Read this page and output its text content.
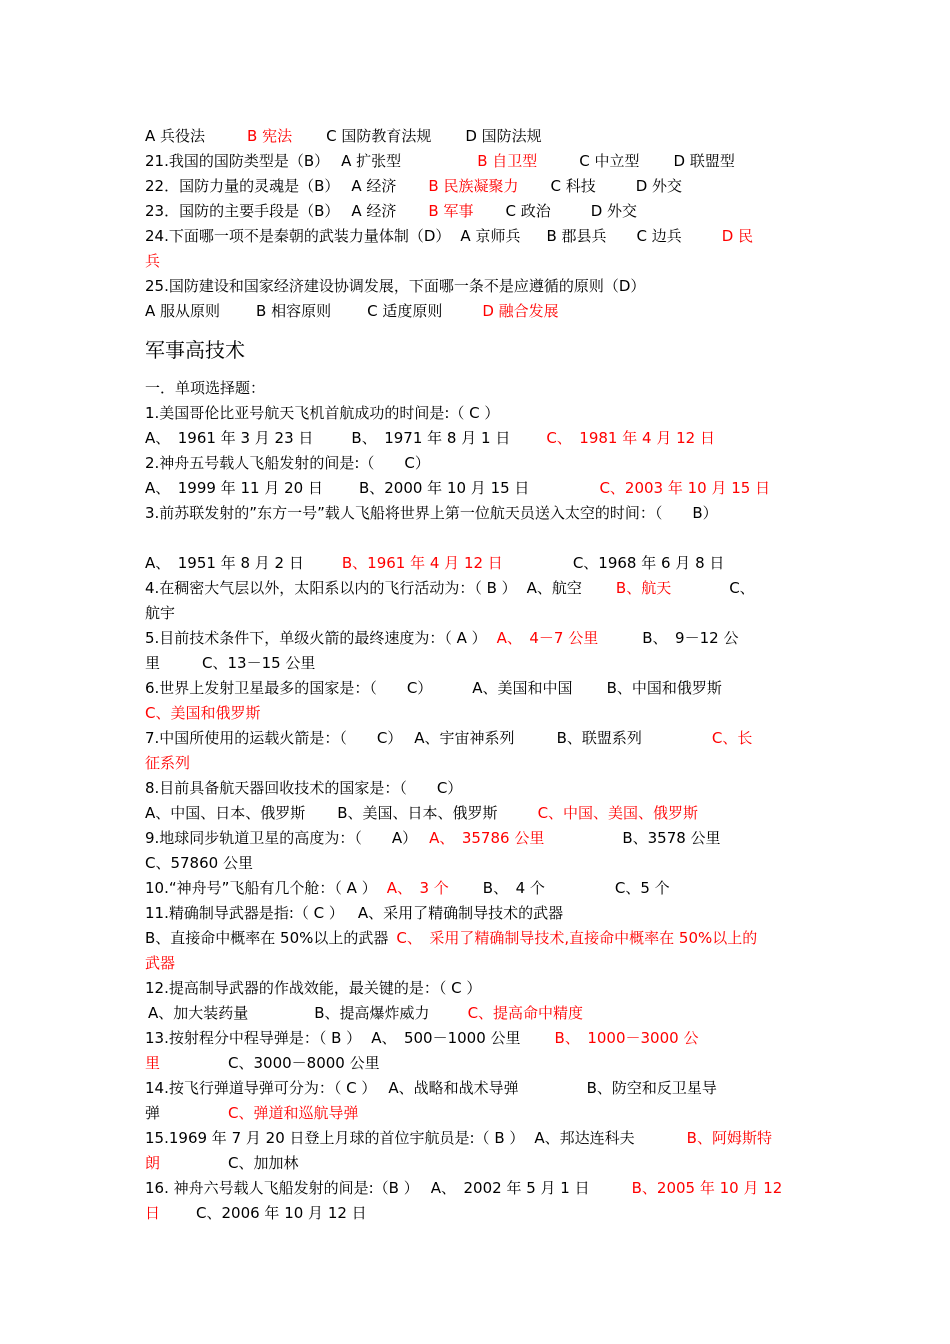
A 兵役法	B 宪法 C 国防教育法规 D 国防法规
21.我国的国防类型是（B） A 扩张型	B 自卫型	C 中立型 D 联盟型
22．国防力量的灵魂是（B） A 经济 B 民族凝聚力 C 科技	D 外交
23．国防的主要手段是（B） A 经济 B 军事 C 政治	D 外交
24.下面哪一项不是秦朝的武装力量体制（D） A 京师兵 B 郡县兵 C 边兵	D 民
兵
25.国防建设和国家经济建设协调发展，下面哪一条不是应遵循的原则（D）
A 服从原则 B 相容原则 C 适度原则	D 融合发展
军事高技术
一．单项选择题：
1.美国哥伦比亚号航天飞机首航成功的时间是:（ C ）
A、　1961 年 3 月 23 日	B、　1971 年 8 月 1 日 C、　1981 年 4 月 12 日
2.神舟五号载人飞船发射的间是:（　　C）
A、　1999 年 11 月 20 日 B、2000 年 10 月 15 日	C、2003 年 10 月 15 日
3.前苏联发射的”东方一号”载人飞船将世界上第一位航天员送入太空的时间：（　　B）
A、　1951 年 8 月 2 日	B、1961 年 4 月 12 日	C、1968 年 6 月 8 日
4.在稠密大气层以外，太阳系以内的飞行活动为：（ B ） A、航空 B、航天	C、
航宇
5.目前技术条件下，单级火箭的最终速度为：（ A ） A、　4－7 公里	B、　9－12 公
里	C、13－15 公里
6.世界上发射卫星最多的国家是：（　　C）	A、美国和中国 B、中国和俄罗斯
C、美国和俄罗斯
7.中国所使用的运载火箭是：（　　C） A、宇宙神系列	B、联盟系列	C、长
征系列
8.目前具备航天器回收技术的国家是：（　　C）
A、中国、日本、俄罗斯 B、美国、日本、俄罗斯	C、中国、美国、俄罗斯
9.地球同步轨道卫星的高度为：（　　A） A、　35786 公里	B、3578 公里
C、57860 公里
10.“神舟号”飞船有几个舱：（ A ） A、　3 个 B、　4 个	C、5 个
11.精确制导武器是指:（ C ） A、采用了精确制导技术的武器
B、直接命中概率在 50%以上的武器 C、　采用了精确制导技术,直接命中概率在 50%以上的
武器
12.提高制导武器的作战效能，最关键的是：（ C ）
A、加大装药量	B、提高爆炸威力	C、提高命中精度
13.按射程分中程导弹是：（ B ） A、　500－1000 公里 B、　1000－3000 公
里	C、3000－8000 公里
14.按飞行弹道导弹可分为：（ C ） A、战略和战术导弹	B、防空和反卫星导
弹	C、弹道和巡航导弹
15.1969 年 7 月 20 日登上月球的首位宇航员是:（ B ） A、邦达连科夫	B、阿姆斯特
朗	C、加加林
16. 神舟六号载人飞船发射的间是:（B ） A、　2002 年 5 月 1 日	B、2005 年 10 月 12
日 C、2006 年 10 月 12 日
